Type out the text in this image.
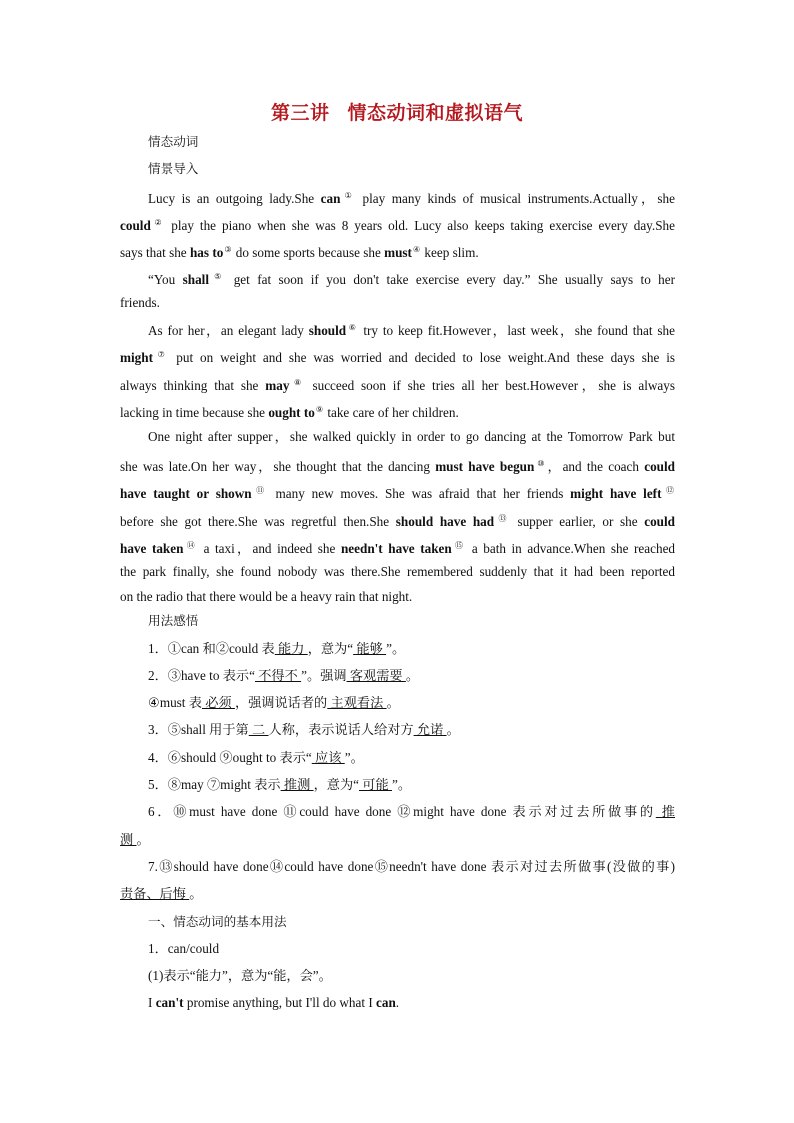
第三讲 情态动词和虚拟语气
情态动词
情景导入
Lucy is an outgoing lady.She can① play many kinds of musical instruments.Actually，she
could② play the piano when she was 8 years old. Lucy also keeps taking exercise every day.She
says that she has to③ do some sports because she must④ keep slim.
“You shall⑤ get fat soon if you don't take exercise every day.” She usually says to her
friends.
As for her，an elegant lady should⑥ try to keep fit.However，last week，she found that she
might⑦ put on weight and she was worried and decided to lose weight.And these days she is
always thinking that she may⑧ succeed soon if she tries all her best.However，she is always
lacking in time because she ought to⑨ take care of her children.
One night after supper，she walked quickly in order to go dancing at the Tomorrow Park but
she was late.On her way，she thought that the dancing must have begun⑩，and the coach could
have taught or shown⑪ many new moves. She was afraid that her friends might have left⑫
before she got there.She was regretful then.She should have had⑬ supper earlier, or she could
have taken⑭ a taxi，and indeed she needn't have taken⑮ a bath in advance.When she reached
the park finally, she found nobody was there.She remembered suddenly that it had been reported
on the radio that there would be a heavy rain that night.
用法感悟
1．①can 和②could 表 能力 ，意为“ 能够 ”。
2．③have to 表示“ 不得不 ”。强调 客观需要 。
④must 表 必须 ，强调说话者的 主观看法 。
3．⑤shall 用于第 二 人称，表示说话人给对方 允诺 。
4．⑥should ⑨ought to 表示“ 应该 ”。
5．⑧may ⑦might 表示 推测 ，意为“ 可能 ”。
6．⑩must have done ⑪could have done ⑫might have done 表示对过去所做事的 推
测 。
7.⑬should have done⑭could have done⑮needn't have done 表示对过去所做事(没做的事)
责备、后悔 。
一、情态动词的基本用法
1．can/could
(1)表示“能力”，意为“能，会”。
I can't promise anything, but I'll do what I can.
